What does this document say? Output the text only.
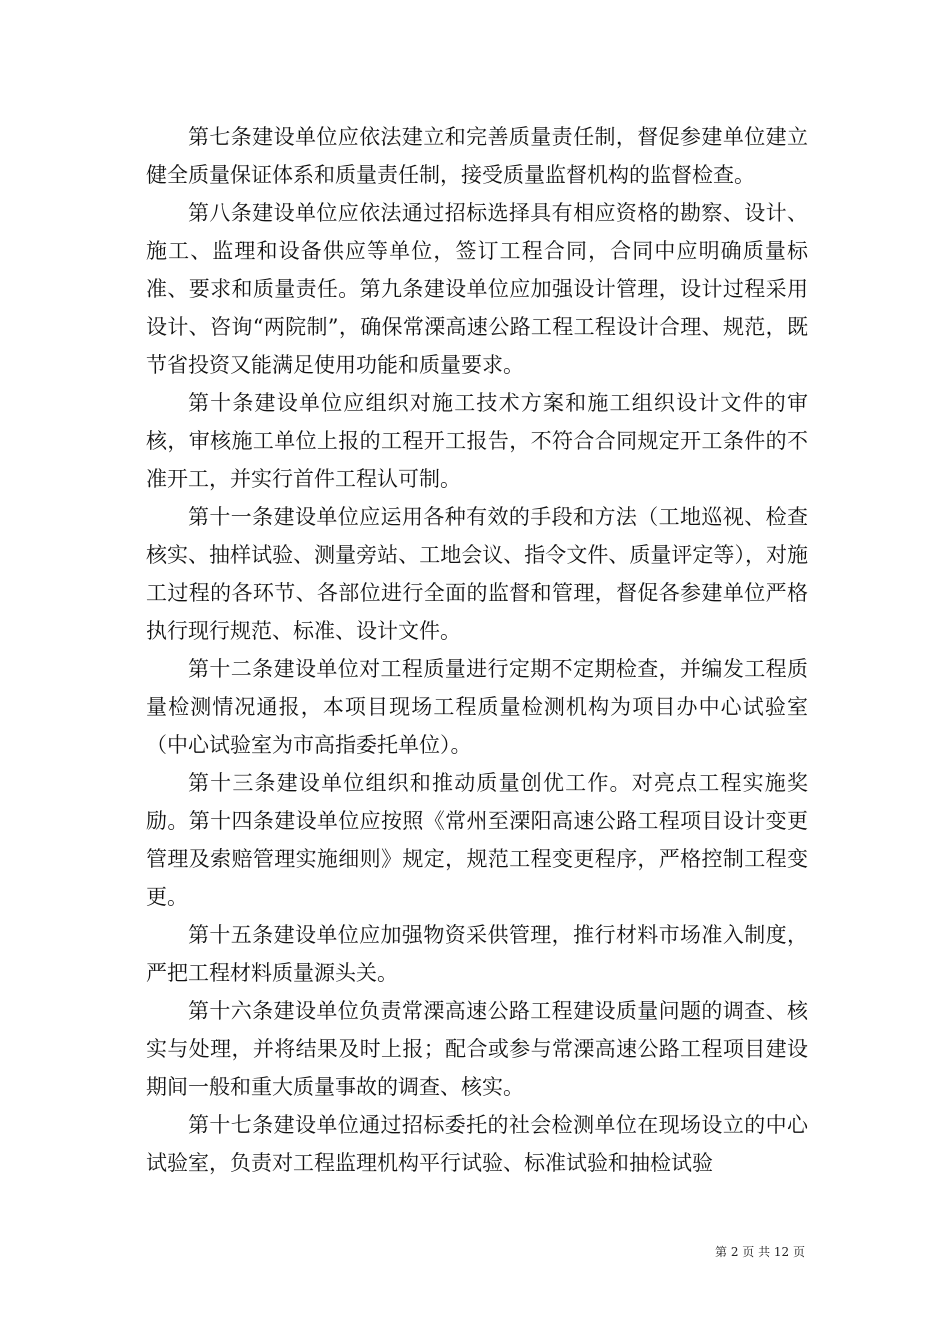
第七条建设单位应依法建立和完善质量责任制，督促参建单位建立健全质量保证体系和质量责任制，接受质量监督机构的监督检查。

第八条建设单位应依法通过招标选择具有相应资格的勘察、设计、施工、监理和设备供应等单位，签订工程合同，合同中应明确质量标准、要求和质量责任。第九条建设单位应加强设计管理，设计过程采用设计、咨询“两院制”，确保常溧高速公路工程工程设计合理、规范，既节省投资又能满足使用功能和质量要求。

第十条建设单位应组织对施工技术方案和施工组织设计文件的审核，审核施工单位上报的工程开工报告，不符合合同规定开工条件的不准开工，并实行首件工程认可制。

第十一条建设单位应运用各种有效的手段和方法（工地巡视、检查核实、抽样试验、测量旁站、工地会议、指令文件、质量评定等），对施工过程的各环节、各部位进行全面的监督和管理，督促各参建单位严格执行现行规范、标准、设计文件。

第十二条建设单位对工程质量进行定期不定期检查，并编发工程质量检测情况通报，本项目现场工程质量检测机构为项目办中心试验室（中心试验室为市高指委托单位）。

第十三条建设单位组织和推动质量创优工作。对亮点工程实施奖励。第十四条建设单位应按照《常州至溧阳高速公路工程项目设计变更管理及索赔管理实施细则》规定，规范工程变更程序，严格控制工程变更。

第十五条建设单位应加强物资采供管理，推行材料市场准入制度，严把工程材料质量源头关。

第十六条建设单位负责常溧高速公路工程建设质量问题的调查、核实与处理，并将结果及时上报；配合或参与常溧高速公路工程项目建设期间一般和重大质量事故的调查、核实。

第十七条建设单位通过招标委托的社会检测单位在现场设立的中心试验室，负责对工程监理机构平行试验、标准试验和抽检试验

第 2 页 共 12 页
